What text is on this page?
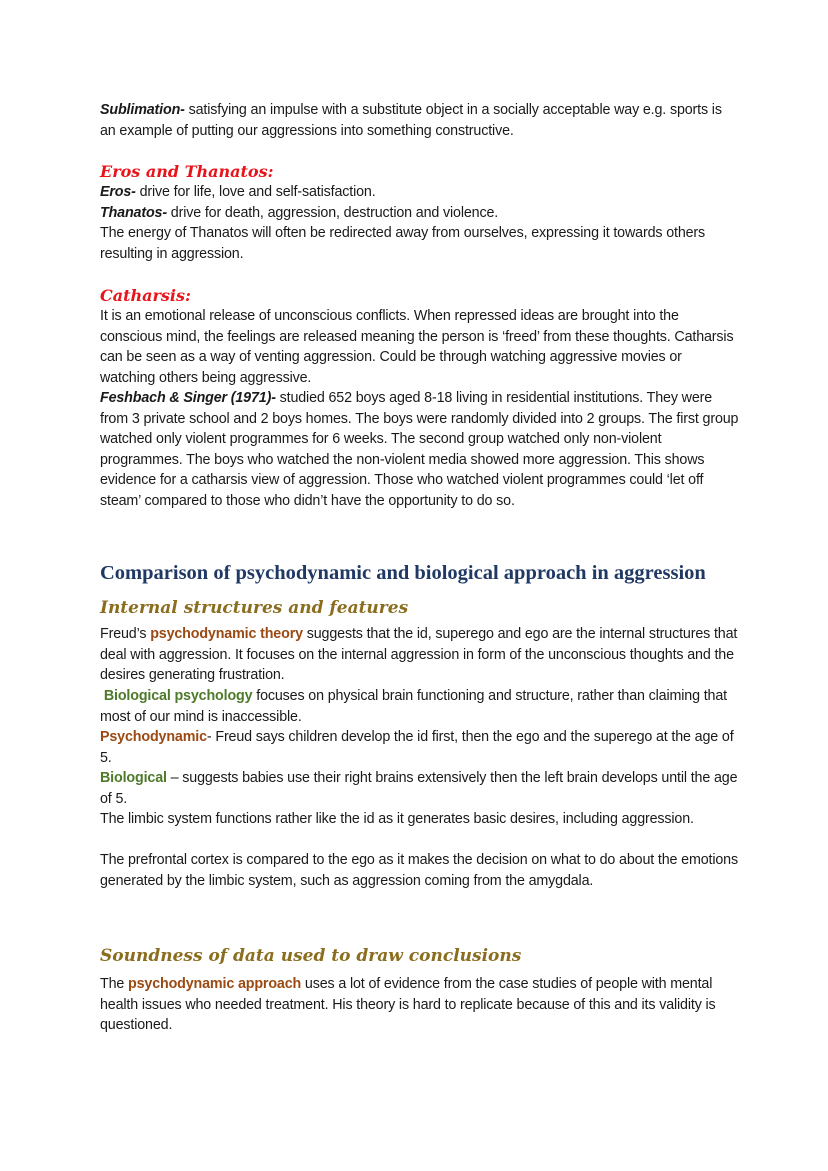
Sublimation- satisfying an impulse with a substitute object in a socially acceptable way e.g. sports is an example of putting our aggressions into something constructive.

Eros and Thanatos:

Eros- drive for life, love and self-satisfaction.

Thanatos- drive for death, aggression, destruction and violence.

The energy of Thanatos will often be redirected away from ourselves, expressing it towards others resulting in aggression.

Catharsis:

It is an emotional release of unconscious conflicts. When repressed ideas are brought into the conscious mind, the feelings are released meaning the person is ‘freed’ from these thoughts. Catharsis can be seen as a way of venting aggression. Could be through watching aggressive movies or watching others being aggressive.

Feshbach & Singer (1971)- studied 652 boys aged 8-18 living in residential institutions. They were from 3 private school and 2 boys homes. The boys were randomly divided into 2 groups. The first group watched only violent programmes for 6 weeks. The second group watched only non-violent programmes. The boys who watched the non-violent media showed more aggression. This shows evidence for a catharsis view of aggression. Those who watched violent programmes could ‘let off steam’ compared to those who didn’t have the opportunity to do so.

Comparison of psychodynamic and biological approach in aggression
Internal structures and features

Freud’s psychodynamic theory suggests that the id, superego and ego are the internal structures that deal with aggression. It focuses on the internal aggression in form of the unconscious thoughts and the desires generating frustration.

Biological psychology focuses on physical brain functioning and structure, rather than claiming that most of our mind is inaccessible.

Psychodynamic- Freud says children develop the id first, then the ego and the superego at the age of 5.

Biological – suggests babies use their right brains extensively then the left brain develops until the age of 5.

The limbic system functions rather like the id as it generates basic desires, including aggression.

The prefrontal cortex is compared to the ego as it makes the decision on what to do about the emotions generated by the limbic system, such as aggression coming from the amygdala.

Soundness of data used to draw conclusions

The psychodynamic approach uses a lot of evidence from the case studies of people with mental health issues who needed treatment. His theory is hard to replicate because of this and its validity is questioned.
